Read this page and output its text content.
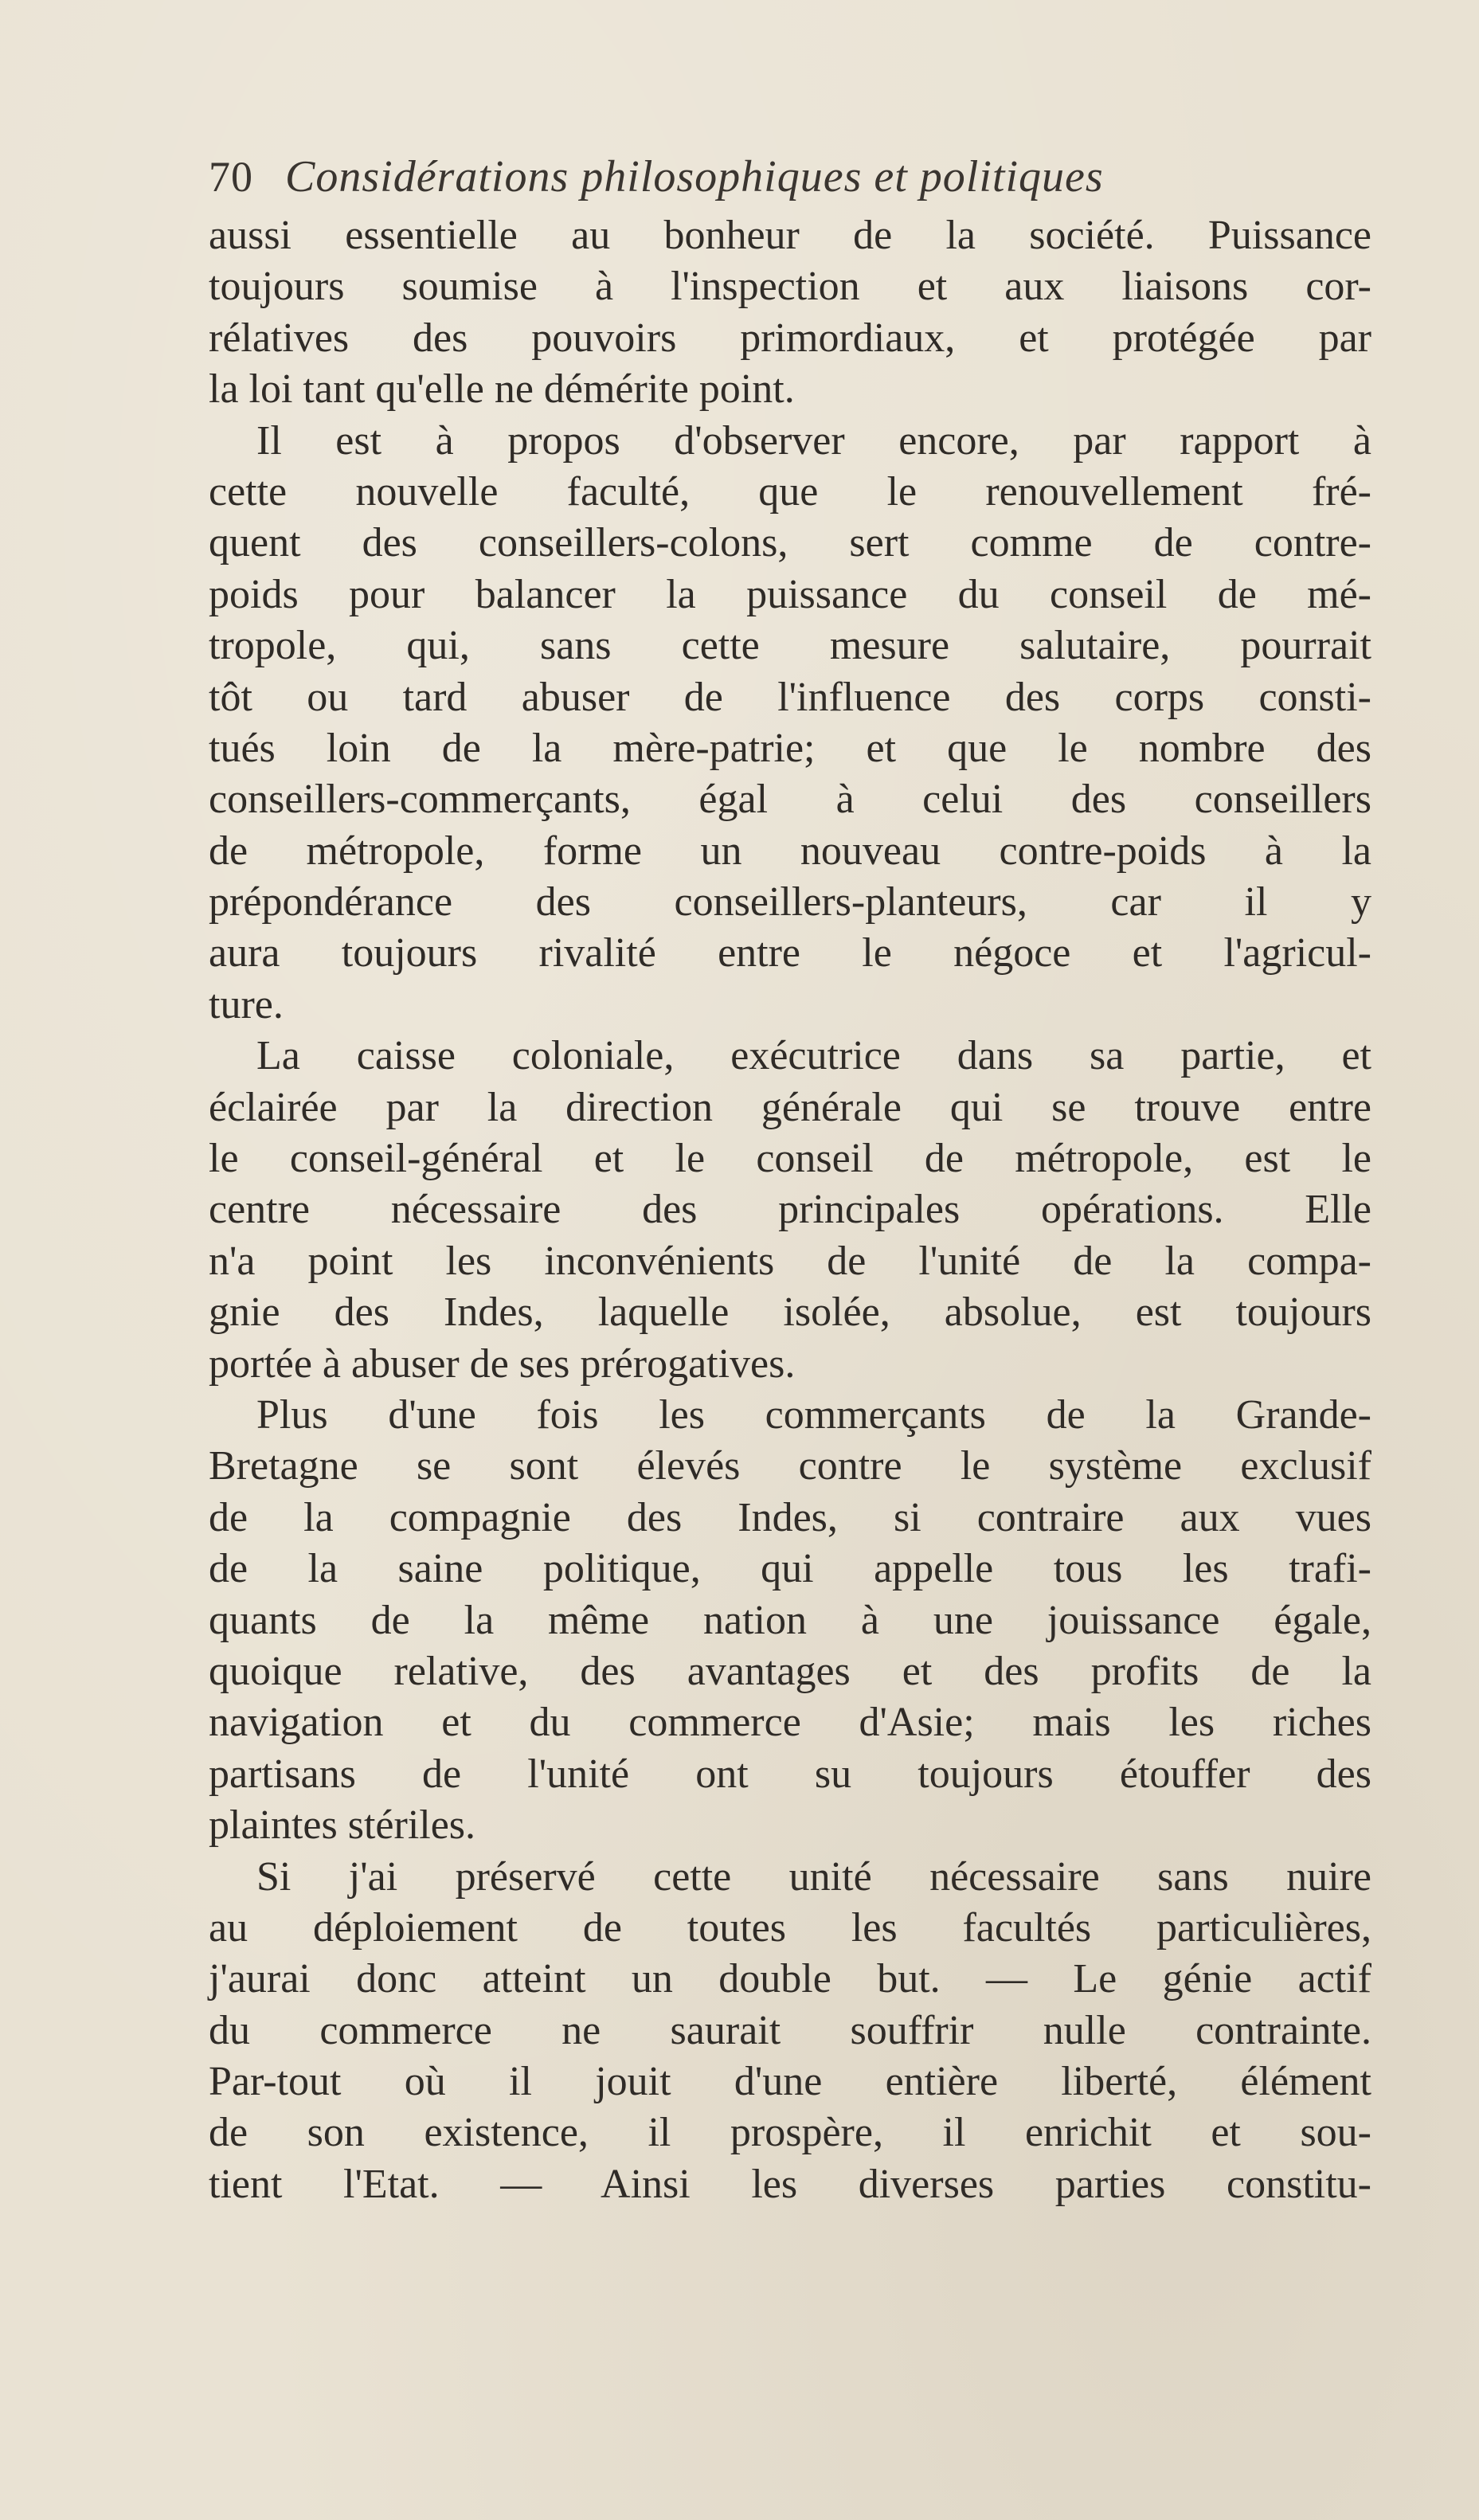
70 Considérations philosophiques et politiques
aussi essentielle au bonheur de la société. Puissance
toujours soumise à l'inspection et aux liaisons cor-
rélatives des pouvoirs primordiaux, et protégée par
la loi tant qu'elle ne démérite point.
Il est à propos d'observer encore, par rapport à
cette nouvelle faculté, que le renouvellement fré-
quent des conseillers-colons, sert comme de contre-
poids pour balancer la puissance du conseil de mé-
tropole, qui, sans cette mesure salutaire, pourrait
tôt ou tard abuser de l'influence des corps consti-
tués loin de la mère-patrie; et que le nombre des
conseillers-commerçants, égal à celui des conseillers
de métropole, forme un nouveau contre-poids à la
prépondérance des conseillers-planteurs, car il y
aura toujours rivalité entre le négoce et l'agricul-
ture.
La caisse coloniale, exécutrice dans sa partie, et
éclairée par la direction générale qui se trouve entre
le conseil-général et le conseil de métropole, est le
centre nécessaire des principales opérations. Elle
n'a point les inconvénients de l'unité de la compa-
gnie des Indes, laquelle isolée, absolue, est toujours
portée à abuser de ses prérogatives.
Plus d'une fois les commerçants de la Grande-
Bretagne se sont élevés contre le système exclusif
de la compagnie des Indes, si contraire aux vues
de la saine politique, qui appelle tous les trafi-
quants de la même nation à une jouissance égale,
quoique relative, des avantages et des profits de la
navigation et du commerce d'Asie; mais les riches
partisans de l'unité ont su toujours étouffer des
plaintes stériles.
Si j'ai préservé cette unité nécessaire sans nuire
au déploiement de toutes les facultés particulières,
j'aurai donc atteint un double but. — Le génie actif
du commerce ne saurait souffrir nulle contrainte.
Par-tout où il jouit d'une entière liberté, élément
de son existence, il prospère, il enrichit et sou-
tient l'Etat. — Ainsi les diverses parties constitu-
